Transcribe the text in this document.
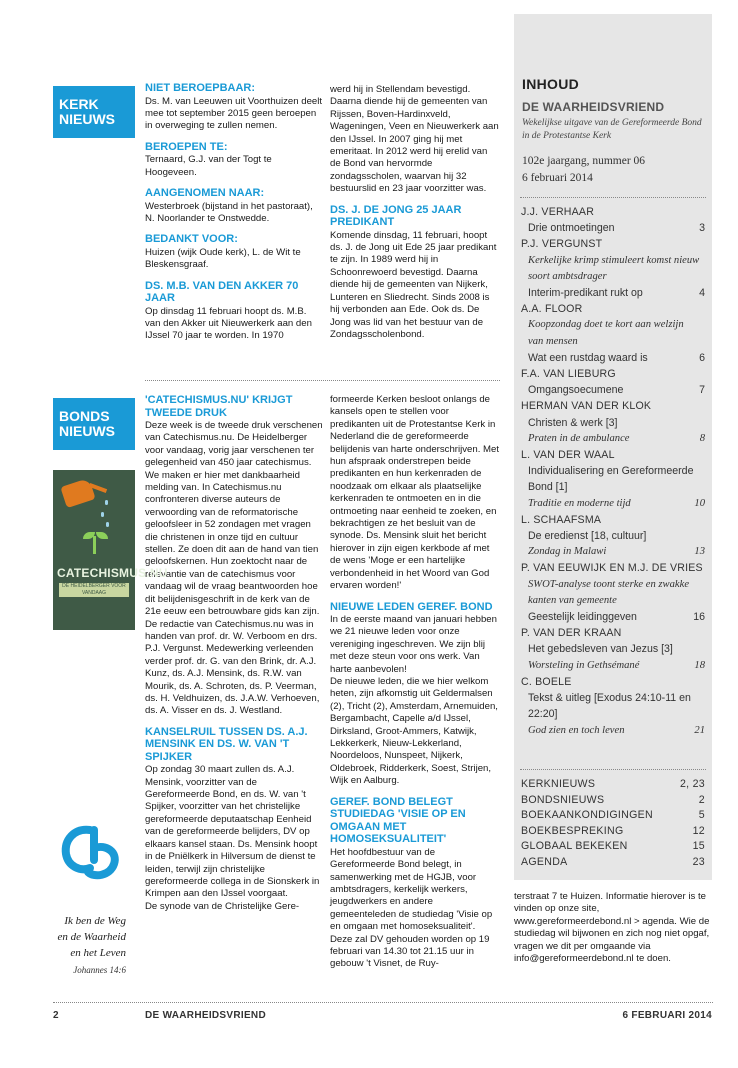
KERK
NIEUWS
BONDS
NIEUWS
NIET BEROEPBAAR:
Ds. M. van Leeuwen uit Voorthuizen deelt mee tot september 2015 geen beroepen in overweging te zullen nemen.
BEROEPEN TE:
Ternaard, G.J. van der Togt te Hoogeveen.
AANGENOMEN NAAR:
Westerbroek (bijstand in het pastoraat), N. Noorlander te Onstwedde.
BEDANKT VOOR:
Huizen (wijk Oude kerk), L. de Wit te Bleskensgraaf.
DS. M.B. VAN DEN AKKER 70 JAAR
Op dinsdag 11 februari hoopt ds. M.B. van den Akker uit Nieuwerkerk aan den IJssel 70 jaar te worden. In 1970
werd hij in Stellendam bevestigd. Daarna diende hij de gemeenten van Rijssen, Boven-Hardinxveld, Wageningen, Veen en Nieuwerkerk aan den IJssel. In 2007 ging hij met emeritaat. In 2012 werd hij erelid van de Bond van hervormde zondagsscholen, waarvan hij 32 bestuurslid en 23 jaar voorzitter was.
DS. J. DE JONG 25 JAAR PREDIKANT
Komende dinsdag, 11 februari, hoopt ds. J. de Jong uit Ede 25 jaar predikant te zijn. In 1989 werd hij in Schoonrewoerd bevestigd. Daarna diende hij de gemeenten van Nijkerk, Lunteren en Sliedrecht. Sinds 2008 is hij verbonden aan Ede. Ook ds. De Jong was lid van het bestuur van de Zondagsscholenbond.
'CATECHISMUS.NU' KRIJGT TWEEDE DRUK
Deze week is de tweede druk verschenen van Catechismus.nu. De Heidelberger voor vandaag, vorig jaar verschenen ter gelegenheid van 450 jaar catechismus. We maken er hier met dankbaarheid melding van. In Catechismus.nu confronteren diverse auteurs de verwoording van de reformatorische geloofsleer in 52 zondagen met vragen die christenen in onze tijd en cultuur stellen. Ze doen dit aan de hand van tien geloofskernen. Hun zoektocht naar de relevantie van de catechismus voor vandaag wil de vraag beantwoorden hoe dit belijdenisgeschrift in de kerk van de 21e eeuw een betrouwbare gids kan zijn.
De redactie van Catechismus.nu was in handen van prof. dr. W. Verboom en drs. P.J. Vergunst. Medewerking verleenden verder prof. dr. G. van den Brink, dr. A.J. Kunz, ds. A.J. Mensink, ds. R.W. van Mourik, ds. A. Schroten, ds. P. Veerman, ds. H. Veldhuizen, ds. J.A.W. Verhoeven, ds. A. Visser en ds. J. Westland.
KANSELRUIL TUSSEN DS. A.J. MENSINK EN DS. W. VAN 'T SPIJKER
Op zondag 30 maart zullen ds. A.J. Mensink, voorzitter van de Gereformeerde Bond, en ds. W. van 't Spijker, voorzitter van het christelijke gereformeerde deputaatschap Eenheid van de gereformeerde belijders, DV op elkaars kansel staan. Ds. Mensink hoopt in de Pniëlkerk in Hilversum de dienst te leiden, terwijl zijn christelijke gereformeerde collega in de Sionskerk in Krimpen aan den IJssel voorgaat.
De synode van de Christelijke Gere-
formeerde Kerken besloot onlangs de kansels open te stellen voor predikanten uit de Protestantse Kerk in Nederland die de gereformeerde belijdenis van harte onderschrijven. Met hun afspraak onderstrepen beide predikanten en hun kerkenraden de noodzaak om elkaar als plaatselijke kerkenraden te ontmoeten en in die ontmoeting naar eenheid te zoeken, en bekrachtigen ze het besluit van de synode. Ds. Mensink sluit het bericht hierover in zijn eigen kerkbode af met de wens 'Moge er een hartelijke verbondenheid in het Woord van God ervaren worden!'
NIEUWE LEDEN GEREF. BOND
In de eerste maand van januari hebben we 21 nieuwe leden voor onze vereniging ingeschreven. We zijn blij met deze steun voor ons werk. Van harte aanbevolen!
De nieuwe leden, die we hier welkom heten, zijn afkomstig uit Geldermalsen (2), Tricht (2), Amsterdam, Arnemuiden, Bergambacht, Capelle a/d IJssel, Dirksland, Groot-Ammers, Katwijk, Lekkerkerk, Nieuw-Lekkerland, Noordeloos, Nunspeet, Nijkerk, Oldebroek, Ridderkerk, Soest, Strijen, Wijk en Aalburg.
GEREF. BOND BELEGT STUDIEDAG 'VISIE OP EN OMGAAN MET HOMOSEKSUALITEIT'
Het hoofdbestuur van de Gereformeerde Bond belegt, in samenwerking met de HGJB, voor ambtsdragers, kerkelijk werkers, jeugdwerkers en andere gemeenteleden de studiedag 'Visie op en omgaan met homoseksualiteit'. Deze zal DV gehouden worden op 19 februari van 14.30 tot 21.15 uur in gebouw 't Visnet, de Ruy-
terstraat 7 te Huizen. Informatie hierover is te vinden op onze site, www.gereformeerdebond.nl > agenda. Wie de studiedag wil bijwonen en zich nog niet opgaf, vragen we dit per omgaande via info@gereformeerdebond.nl te doen.
CATECHISMUS.NU
DE HEIDELBERGER VOOR VANDAAG
Ik ben de Weg
en de Waarheid
en het Leven
Johannes 14:6
INHOUD
DE WAARHEIDSVRIEND
Wekelijkse uitgave van de Gereformeerde Bond in de Protestantse Kerk
102e jaargang, nummer 06
6 februari 2014
J.J. VERHAAR
Drie ontmoetingen	3
P.J. VERGUNST
Kerkelijke krimp stimuleert komst nieuw soort ambtsdrager
Interim-predikant rukt op	4
A.A. FLOOR
Koopzondag doet te kort aan welzijn van mensen
Wat een rustdag waard is	6
F.A. VAN LIEBURG
Omgangsoecumene	7
HERMAN VAN DER KLOK
Christen & werk [3]
Praten in de ambulance	8
L. VAN DER WAAL
Individualisering en Gereformeerde Bond [1]
Traditie en moderne tijd	10
L. SCHAAFSMA
De eredienst [18, cultuur]
Zondag in Malawi	13
P. VAN EEUWIJK EN M.J. DE VRIES
SWOT-analyse toont sterke en zwakke kanten van gemeente
Geestelijk leidinggeven	16
P. VAN DER KRAAN
Het gebedsleven van Jezus [3]
Worsteling in Gethsémané	18
C. BOELE
Tekst & uitleg [Exodus 24:10-11 en 22:20]
God zien en toch leven	21
KERKNIEUWS	2, 23
BONDSNIEUWS	2
BOEKAANKONDIGINGEN	5
BOEKBESPREKING	12
GLOBAAL BEKEKEN	15
AGENDA	23
2	DE WAARHEIDSVRIEND	6 FEBRUARI 2014
